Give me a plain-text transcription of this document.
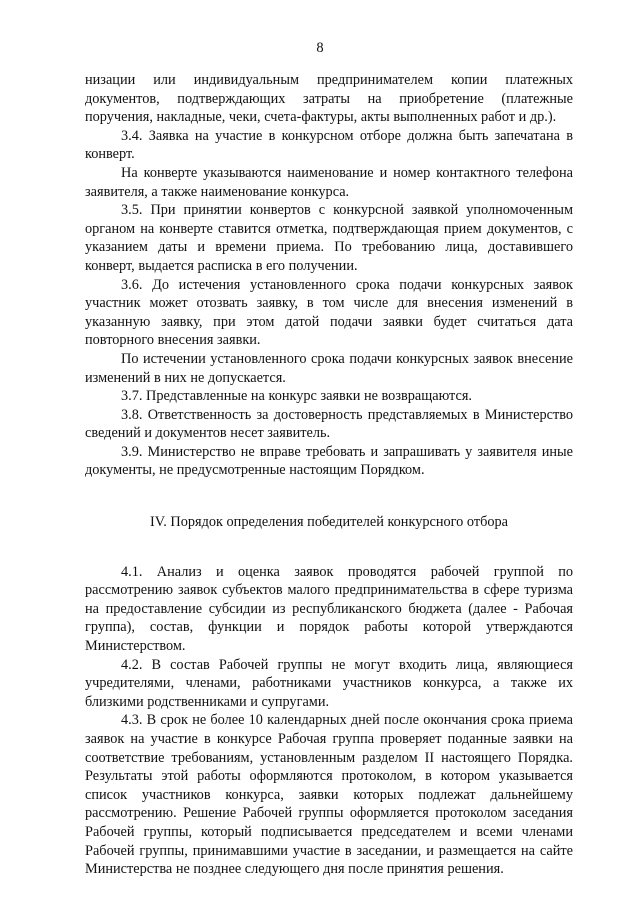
8

низации или индивидуальным предпринимателем копии платежных документов, подтверждающих затраты на приобретение (платежные поручения, накладные, чеки, счета-фактуры, акты выполненных работ и др.).

3.4. Заявка на участие в конкурсном отборе должна быть запечатана в конверт.

На конверте указываются наименование и номер контактного телефона заявителя, а также наименование конкурса.

3.5. При принятии конвертов с конкурсной заявкой уполномоченным органом на конверте ставится отметка, подтверждающая прием документов, с указанием даты и времени приема. По требованию лица, доставившего конверт, выдается расписка в его получении.

3.6. До истечения установленного срока подачи конкурсных заявок участник может отозвать заявку, в том числе для внесения изменений в указанную заявку, при этом датой подачи заявки будет считаться дата повторного внесения заявки.

По истечении установленного срока подачи конкурсных заявок внесение изменений в них не допускается.

3.7. Представленные на конкурс заявки не возвращаются.

3.8. Ответственность за достоверность представляемых в Министерство сведений и документов несет заявитель.

3.9. Министерство не вправе требовать и запрашивать у заявителя иные документы, не предусмотренные настоящим Порядком.

IV. Порядок определения победителей конкурсного отбора

4.1. Анализ и оценка заявок проводятся рабочей группой по рассмотрению заявок субъектов малого предпринимательства в сфере туризма на предоставление субсидии из республиканского бюджета (далее - Рабочая группа), состав, функции и порядок работы которой утверждаются Министерством.

4.2. В состав Рабочей группы не могут входить лица, являющиеся учредителями, членами, работниками участников конкурса, а также их близкими родственниками и супругами.

4.3. В срок не более 10 календарных дней после окончания срока приема заявок на участие в конкурсе Рабочая группа проверяет поданные заявки на соответствие требованиям, установленным разделом II настоящего Порядка. Результаты этой работы оформляются протоколом, в котором указывается список участников конкурса, заявки которых подлежат дальнейшему рассмотрению. Решение Рабочей группы оформляется протоколом заседания Рабочей группы, который подписывается председателем и всеми членами Рабочей группы, принимавшими участие в заседании, и размещается на сайте Министерства не позднее следующего дня после принятия решения.
